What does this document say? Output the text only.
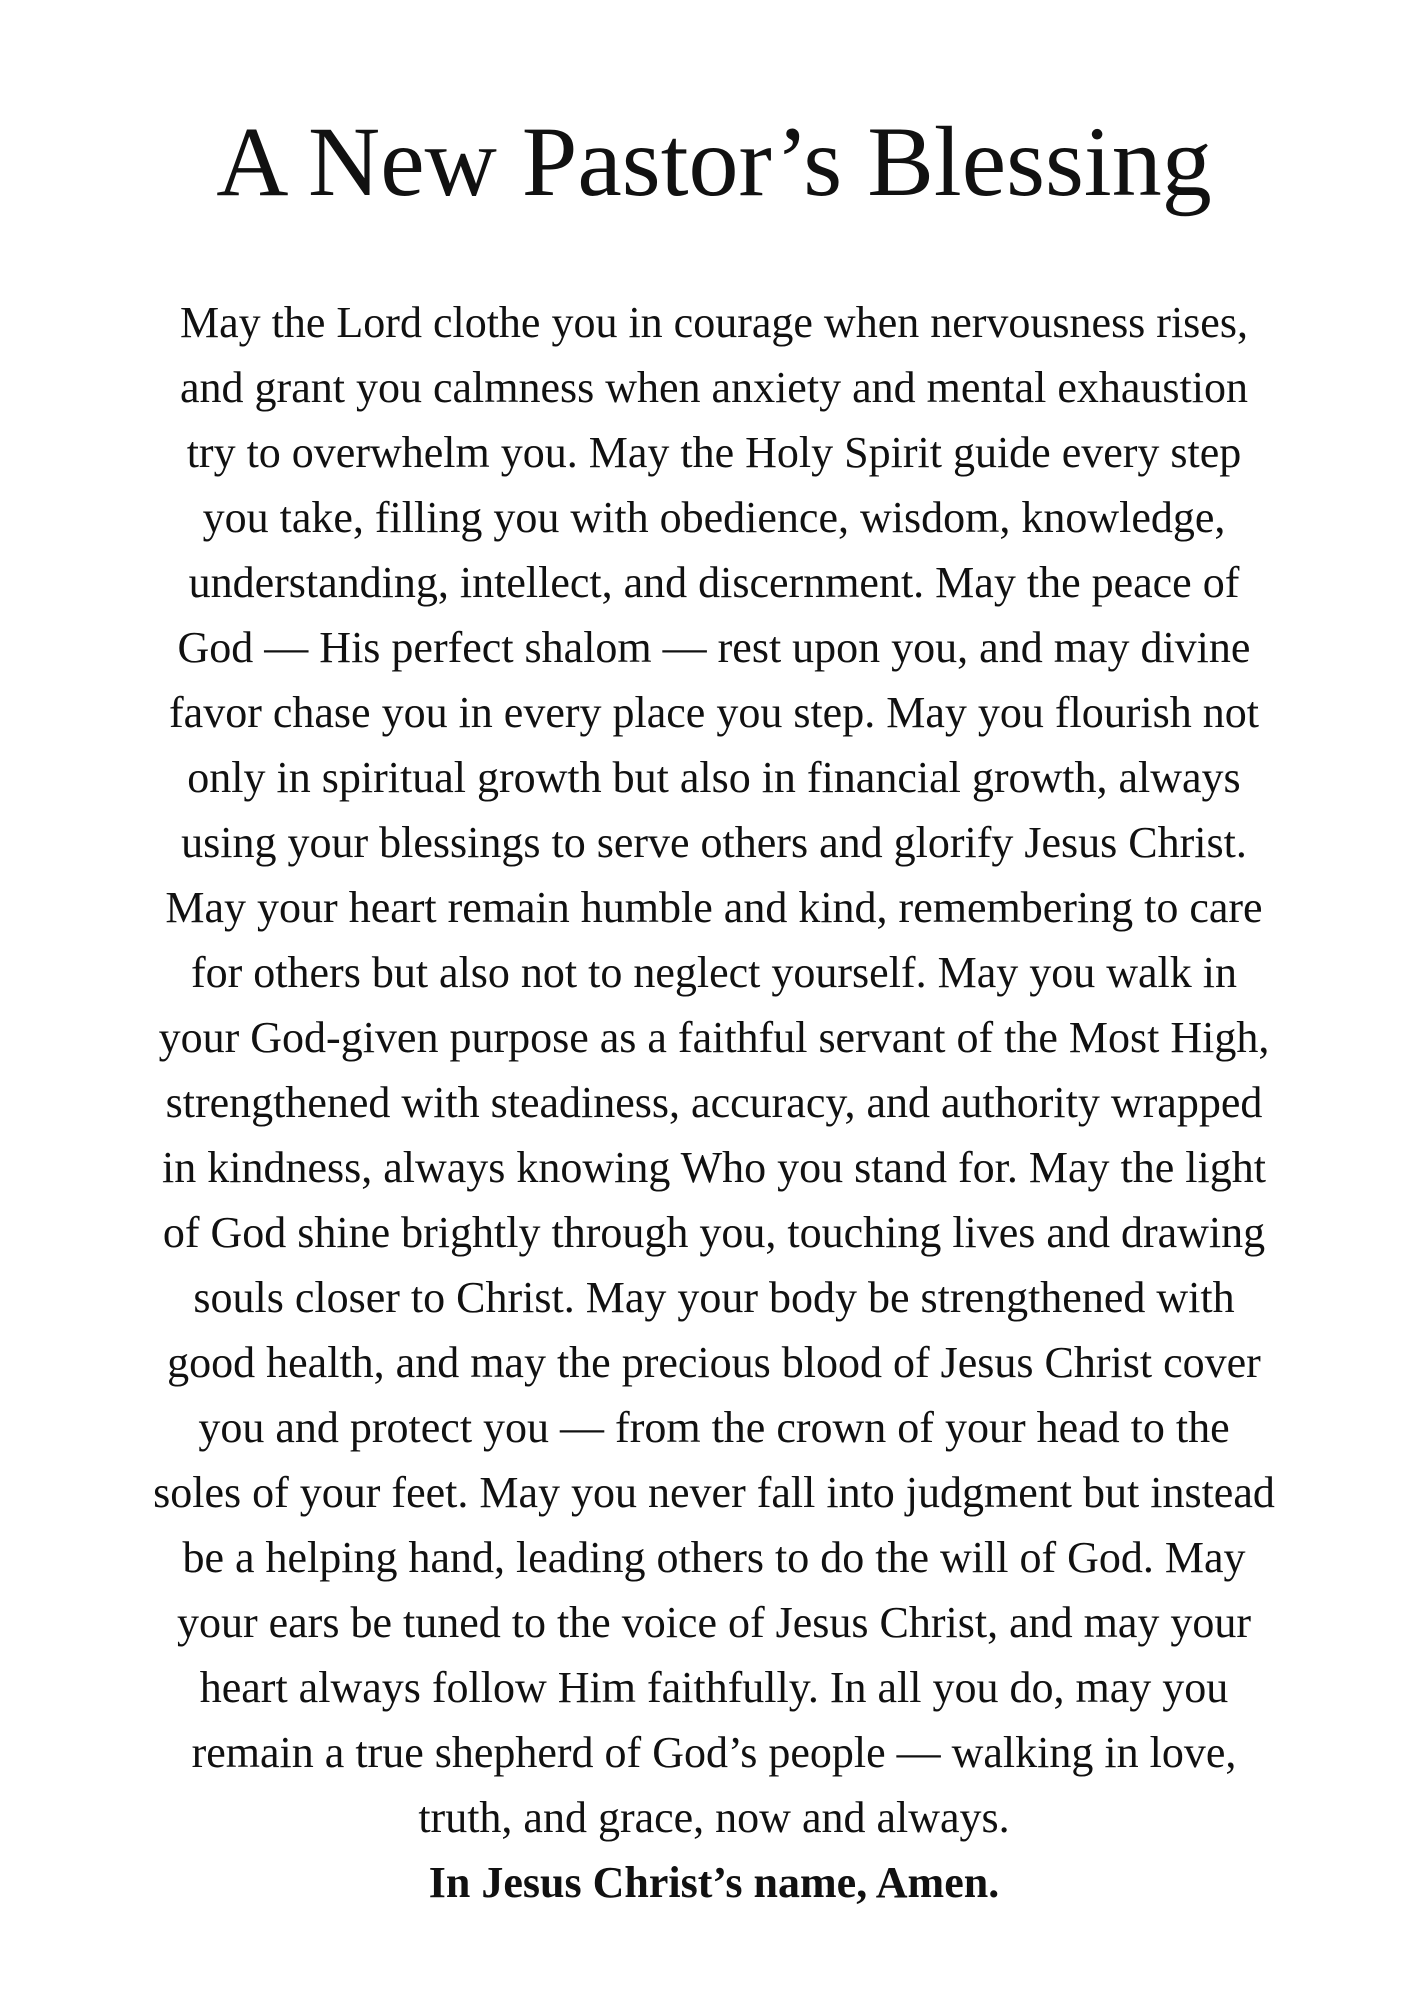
A New Pastor’s Blessing
May the Lord clothe you in courage when nervousness rises,
and grant you calmness when anxiety and mental exhaustion
try to overwhelm you. May the Holy Spirit guide every step
you take, filling you with obedience, wisdom, knowledge,
understanding, intellect, and discernment. May the peace of
God — His perfect shalom — rest upon you, and may divine
favor chase you in every place you step. May you flourish not
only in spiritual growth but also in financial growth, always
using your blessings to serve others and glorify Jesus Christ.
May your heart remain humble and kind, remembering to care
for others but also not to neglect yourself. May you walk in
your God-given purpose as a faithful servant of the Most High,
strengthened with steadiness, accuracy, and authority wrapped
in kindness, always knowing Who you stand for. May the light
of God shine brightly through you, touching lives and drawing
souls closer to Christ. May your body be strengthened with
good health, and may the precious blood of Jesus Christ cover
you and protect you — from the crown of your head to the
soles of your feet. May you never fall into judgment but instead
be a helping hand, leading others to do the will of God. May
your ears be tuned to the voice of Jesus Christ, and may your
heart always follow Him faithfully. In all you do, may you
remain a true shepherd of God’s people — walking in love,
truth, and grace, now and always.
In Jesus Christ’s name, Amen.
